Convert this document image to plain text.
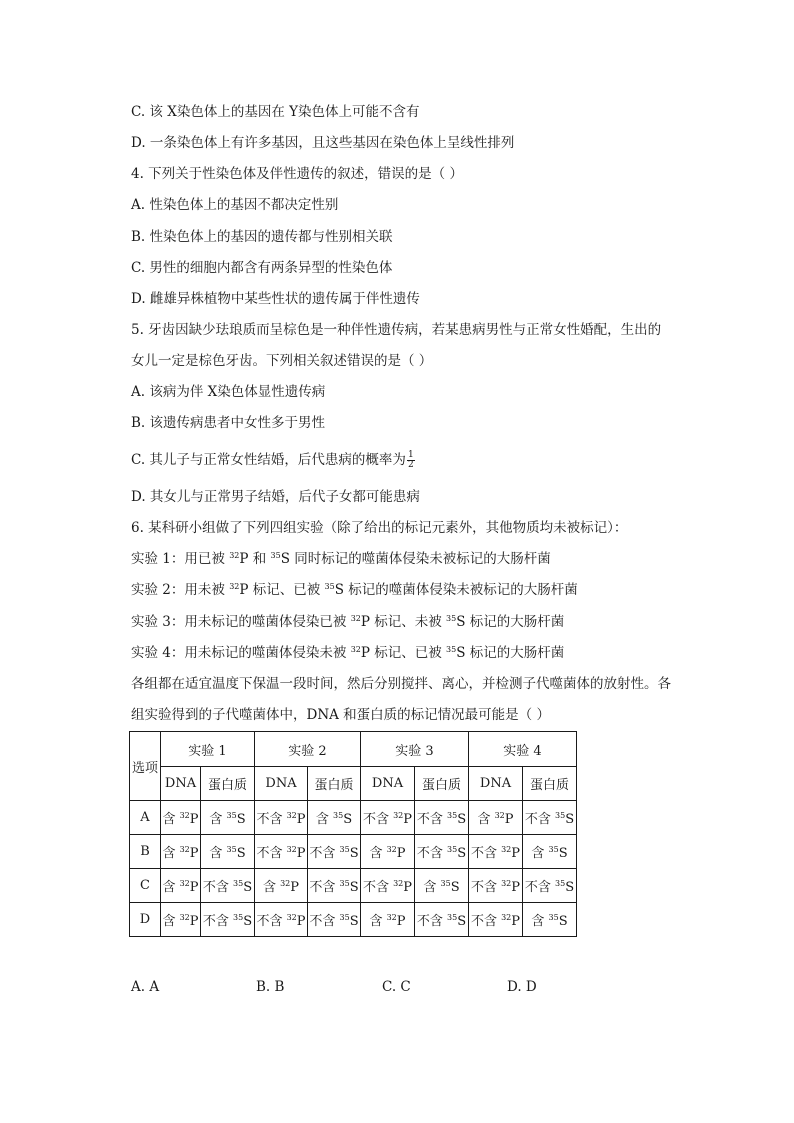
C. 该 X染色体上的基因在 Y染色体上可能不含有
D. 一条染色体上有许多基因，且这些基因在染色体上呈线性排列
4. 下列关于性染色体及伴性遗传的叙述，错误的是（ ）
A. 性染色体上的基因不都决定性别
B. 性染色体上的基因的遗传都与性别相关联
C. 男性的细胞内都含有两条异型的性染色体
D. 雌雄异株植物中某些性状的遗传属于伴性遗传
5. 牙齿因缺少珐琅质而呈棕色是一种伴性遗传病，若某患病男性与正常女性婚配，生出的
女儿一定是棕色牙齿。下列相关叙述错误的是（ ）
A. 该病为伴 X染色体显性遗传病
B. 该遗传病患者中女性多于男性
C. 其儿子与正常女性结婚，后代患病的概率为 $\frac{1}{2}$
D. 其女儿与正常男子结婚，后代子女都可能患病
6. 某科研小组做了下列四组实验（除了给出的标记元素外，其他物质均未被标记）：
实验 1：用已被 $^{32}$P 和 $^{35}$S 同时标记的噬菌体侵染未被标记的大肠杆菌
实验 2：用未被 $^{32}$P 标记、已被 $^{35}$S 标记的噬菌体侵染未被标记的大肠杆菌
实验 3：用未标记的噬菌体侵染已被 $^{32}$P 标记、未被 $^{35}$S 标记的大肠杆菌
实验 4：用未标记的噬菌体侵染未被 $^{32}$P 标记、已被 $^{35}$S 标记的大肠杆菌
各组都在适宜温度下保温一段时间，然后分别搅拌、离心，并检测子代噬菌体的放射性。各
组实验得到的子代噬菌体中，DNA 和蛋白质的标记情况最可能是（ ）
选项	实验 1		实验 2		实验 3		实验 4	
	DNA	蛋白质	DNA	蛋白质	DNA	蛋白质	DNA	蛋白质
A	含 $^{32}$P	含 $^{35}$S	不含 $^{32}$P	含 $^{35}$S	不含 $^{32}$P	不含 $^{35}$S	含 $^{32}$P	不含 $^{35}$S
B	含 $^{32}$P	含 $^{35}$S	不含 $^{32}$P	不含 $^{35}$S	含 $^{32}$P	不含 $^{35}$S	不含 $^{32}$P	含 $^{35}$S
C	含 $^{32}$P	不含 $^{35}$S	含 $^{32}$P	不含 $^{35}$S	不含 $^{32}$P	含 $^{35}$S	不含 $^{32}$P	不含 $^{35}$S
D	含 $^{32}$P	不含 $^{35}$S	不含 $^{32}$P	不含 $^{35}$S	含 $^{32}$P	不含 $^{35}$S	不含 $^{32}$P	含 $^{35}$S
A. A	B. B	C. C	D. D
